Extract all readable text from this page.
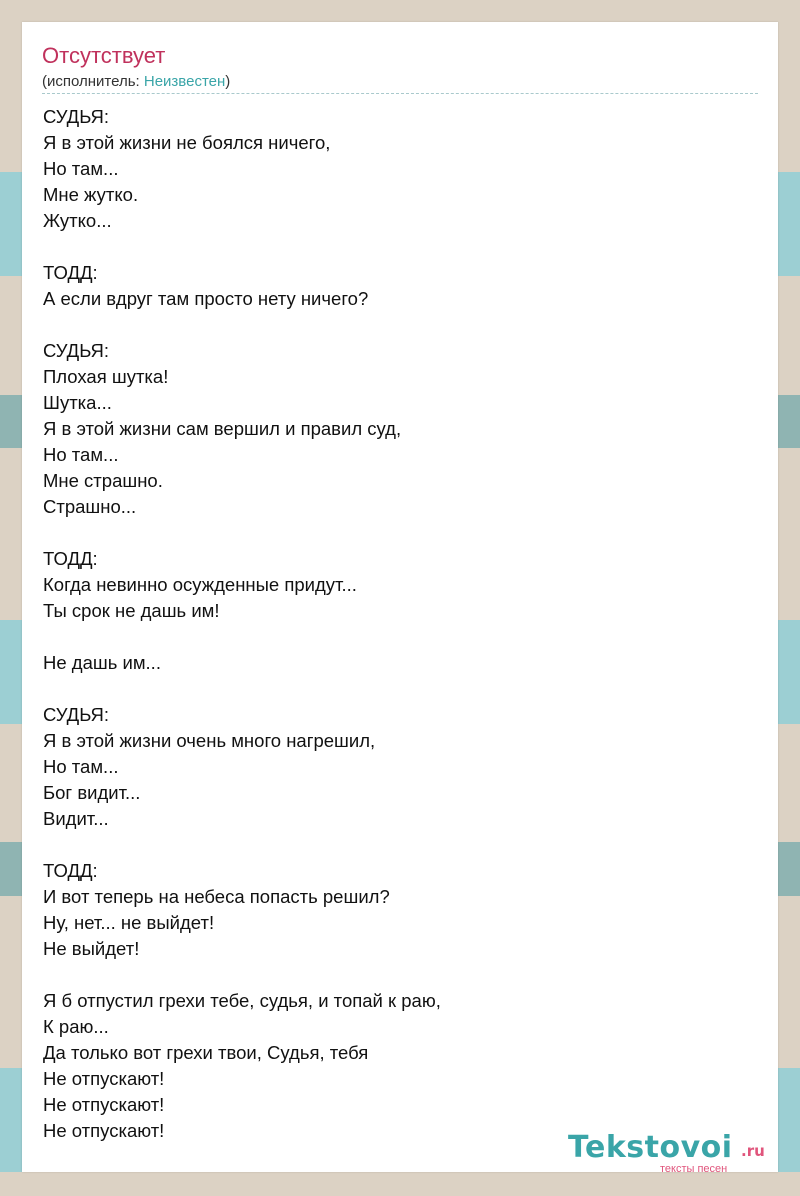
Отсутствует
(исполнитель: Неизвестен)
СУДЬЯ:
Я в этой жизни не боялся ничего,
Но там...
Мне жутко.
Жутко...
ТОДД:
А если вдруг там просто нету ничего?
СУДЬЯ:
Плохая шутка!
Шутка...
Я в этой жизни сам вершил и правил суд,
Но там...
Мне страшно.
Страшно...
ТОДД:
Когда невинно осужденные придут...
Ты срок не дашь им!
Не дашь им...
СУДЬЯ:
Я в этой жизни очень много нагрешил,
Но там...
Бог видит...
Видит...
ТОДД:
И вот теперь на небеса попасть решил?
Ну, нет... не выйдет!
Не выйдет!
Я б отпустил грехи тебе, судья, и топай к раю,
К раю...
Да только вот грехи твои, Судья, тебя
Не отпускают!
Не отпускают!
Не отпускают!	Tekstovoi .ru
тексты песен
